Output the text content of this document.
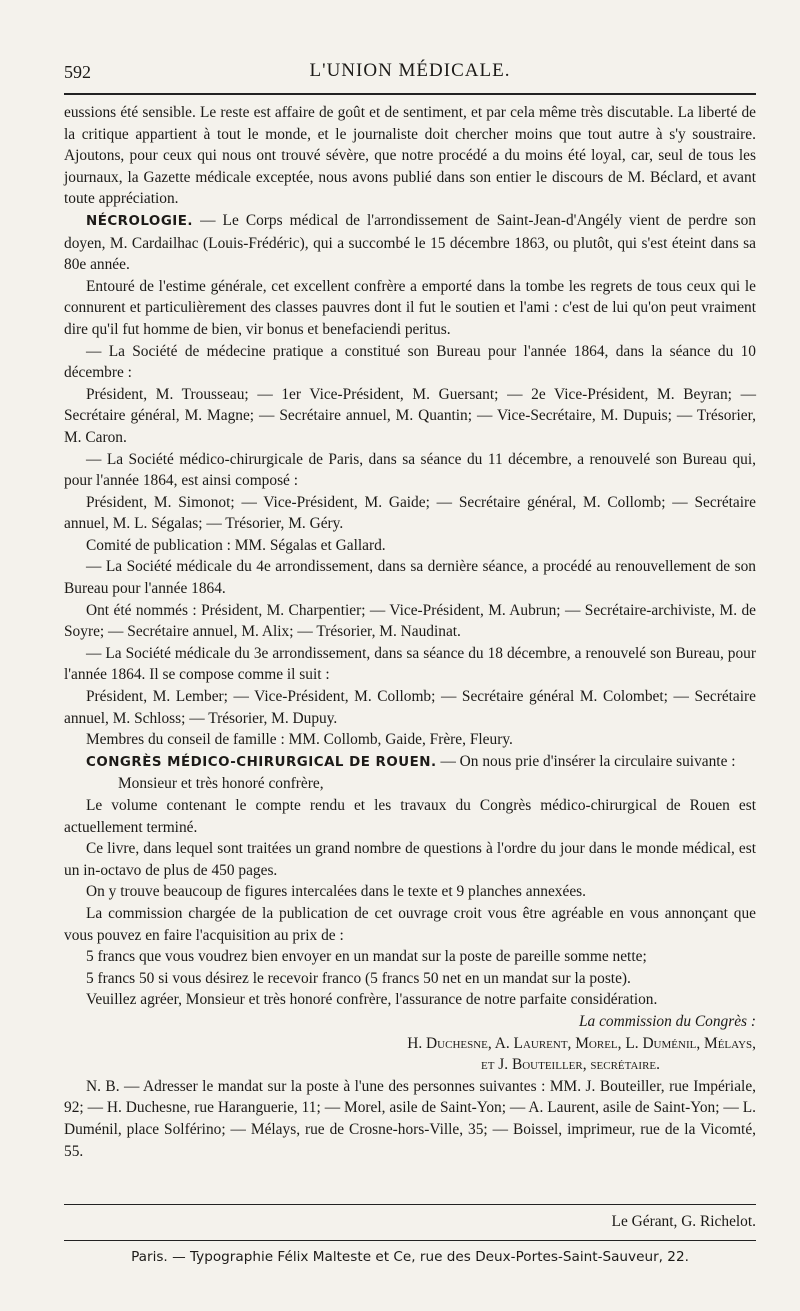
592	L'UNION MÉDICALE.

eussions été sensible. Le reste est affaire de goût et de sentiment, et par cela même très discutable. La liberté de la critique appartient à tout le monde, et le journaliste doit chercher moins que tout autre à s'y soustraire. Ajoutons, pour ceux qui nous ont trouvé sévère, que notre procédé a du moins été loyal, car, seul de tous les journaux, la Gazette médicale exceptée, nous avons publié dans son entier le discours de M. Béclard, et avant toute appréciation.

NÉCROLOGIE. — Le Corps médical de l'arrondissement de Saint-Jean-d'Angély vient de perdre son doyen, M. Cardailhac (Louis-Frédéric), qui a succombé le 15 décembre 1863, ou plutôt, qui s'est éteint dans sa 80e année.

Entouré de l'estime générale, cet excellent confrère a emporté dans la tombe les regrets de tous ceux qui le connurent et particulièrement des classes pauvres dont il fut le soutien et l'ami : c'est de lui qu'on peut vraiment dire qu'il fut homme de bien, vir bonus et benefaciendi peritus.

— La Société de médecine pratique a constitué son Bureau pour l'année 1864, dans la séance du 10 décembre :

Président, M. Trousseau; — 1er Vice-Président, M. Guersant; — 2e Vice-Président, M. Beyran; — Secrétaire général, M. Magne; — Secrétaire annuel, M. Quantin; — Vice-Secrétaire, M. Dupuis; — Trésorier, M. Caron.

— La Société médico-chirurgicale de Paris, dans sa séance du 11 décembre, a renouvelé son Bureau qui, pour l'année 1864, est ainsi composé :

Président, M. Simonot; — Vice-Président, M. Gaide; — Secrétaire général, M. Collomb; — Secrétaire annuel, M. L. Ségalas; — Trésorier, M. Géry.

Comité de publication : MM. Ségalas et Gallard.

— La Société médicale du 4e arrondissement, dans sa dernière séance, a procédé au renouvellement de son Bureau pour l'année 1864.

Ont été nommés : Président, M. Charpentier; — Vice-Président, M. Aubrun; — Secrétaire-archiviste, M. de Soyre; — Secrétaire annuel, M. Alix; — Trésorier, M. Naudinat.

— La Société médicale du 3e arrondissement, dans sa séance du 18 décembre, a renouvelé son Bureau, pour l'année 1864. Il se compose comme il suit :

Président, M. Lember; — Vice-Président, M. Collomb; — Secrétaire général M. Colombet; — Secrétaire annuel, M. Schloss; — Trésorier, M. Dupuy.

Membres du conseil de famille : MM. Collomb, Gaide, Frère, Fleury.

CONGRÈS MÉDICO-CHIRURGICAL DE ROUEN. — On nous prie d'insérer la circulaire suivante :

Monsieur et très honoré confrère,

Le volume contenant le compte rendu et les travaux du Congrès médico-chirurgical de Rouen est actuellement terminé.

Ce livre, dans lequel sont traitées un grand nombre de questions à l'ordre du jour dans le monde médical, est un in-octavo de plus de 450 pages.

On y trouve beaucoup de figures intercalées dans le texte et 9 planches annexées.

La commission chargée de la publication de cet ouvrage croit vous être agréable en vous annonçant que vous pouvez en faire l'acquisition au prix de :

5 francs que vous voudrez bien envoyer en un mandat sur la poste de pareille somme nette;

5 francs 50 si vous désirez le recevoir franco (5 francs 50 net en un mandat sur la poste).

Veuillez agréer, Monsieur et très honoré confrère, l'assurance de notre parfaite considération.

La commission du Congrès :

H. Duchesne, A. Laurent, Morel, L. Duménil, Mélays,

et J. Bouteiller, secrétaire.

N. B. — Adresser le mandat sur la poste à l'une des personnes suivantes : MM. J. Bouteiller, rue Impériale, 92; — H. Duchesne, rue Haranguerie, 11; — Morel, asile de Saint-Yon; — A. Laurent, asile de Saint-Yon; — L. Duménil, place Solférino; — Mélays, rue de Crosne-hors-Ville, 35; — Boissel, imprimeur, rue de la Vicomté, 55.

Le Gérant, G. Richelot.
Paris. — Typographie Félix Malteste et Ce, rue des Deux-Portes-Saint-Sauveur, 22.
